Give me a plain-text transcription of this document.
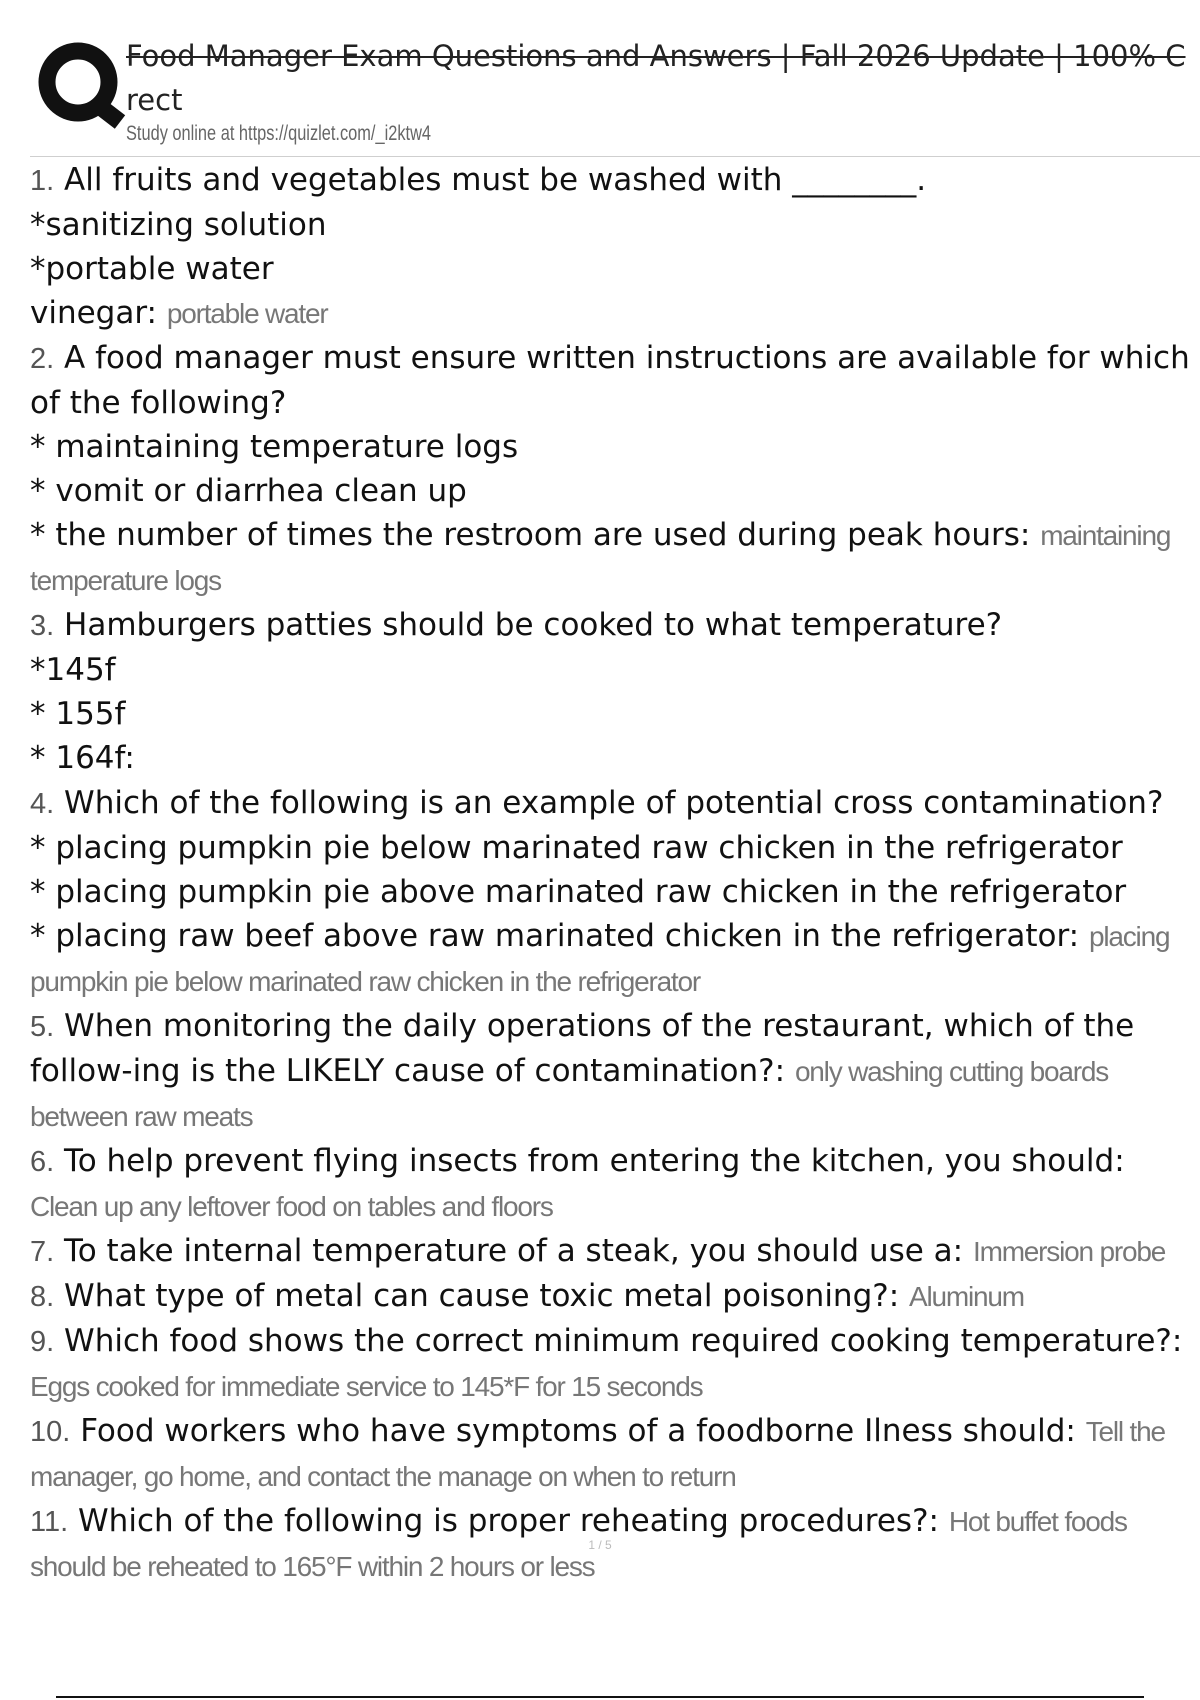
Food Manager Exam Questions and Answers | Fall 2026 Update | 100% C
rect
Study online at https://quizlet.com/_i2ktw4

1. All fruits and vegetables must be washed with ________.
*sanitizing solution
*portable water
vinegar: portable water

2. A food manager must ensure written instructions are available for which of the following?
* maintaining temperature logs
* vomit or diarrhea clean up
* the number of times the restroom are used during peak hours: maintaining temperature logs

3. Hamburgers patties should be cooked to what temperature?
*145f
* 155f
* 164f:

4. Which of the following is an example of potential cross contamination?
* placing pumpkin pie below marinated raw chicken in the refrigerator
* placing pumpkin pie above marinated raw chicken in the refrigerator
* placing raw beef above raw marinated chicken in the refrigerator: placing pumpkin pie below marinated raw chicken in the refrigerator

5. When monitoring the daily operations of the restaurant, which of the follow-ing is the LIKELY cause of contamination?: only washing cutting boards between raw meats

6. To help prevent flying insects from entering the kitchen, you should: Clean up any leftover food on tables and floors

7. To take internal temperature of a steak, you should use a: Immersion probe

8. What type of metal can cause toxic metal poisoning?: Aluminum

9. Which food shows the correct minimum required cooking temperature?: Eggs cooked for immediate service to 145*F for 15 seconds

10. Food workers who have symptoms of a foodborne Ilness should: Tell the manager, go home, and contact the manage on when to return

11. Which of the following is proper reheating procedures?: Hot buffet foods should be reheated to 165°F within 2 hours or less

1 / 5
